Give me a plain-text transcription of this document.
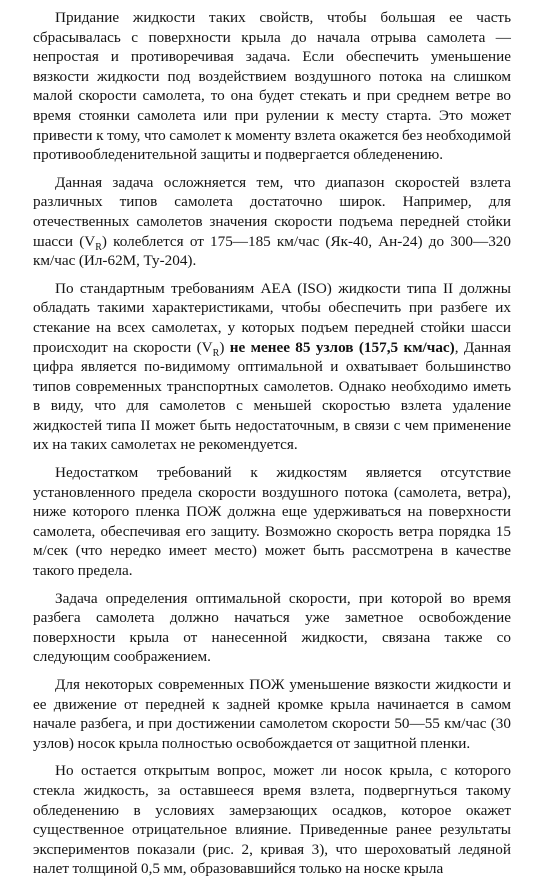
Придание жидкости таких свойств, чтобы большая ее часть сбрасывалась с поверхности крыла до начала отрыва самолета — непростая и противоречивая задача. Если обеспечить уменьшение вязкости жидкости под воздействием воздушного потока на слишком малой скорости самолета, то она будет стекать и при среднем ветре во время стоянки самолета или при рулении к месту старта. Это может привести к тому, что самолет к моменту взлета окажется без необходимой противообледенительной защиты и подвергается обледенению.

Данная задача осложняется тем, что диапазон скоростей взлета различных типов самолета достаточно широк. Например, для отечественных самолетов значения скорости подъема передней стойки шасси $(V_R)$ колеблется от 175—185 км/час (Як-40, Ан-24) до 300—320 км/час (Ил-62М, Ту-204).

По стандартным требованиям AEA (ISO) жидкости типа II должны обладать такими характеристиками, чтобы обеспечить при разбеге их стекание на всех самолетах, у которых подъем передней стойки шасси происходит на скорости $(V_R)$ не менее 85 узлов (157,5 км/час), Данная цифра является по-видимому оптимальной и охватывает большинство типов современных транспортных самолетов. Однако необходимо иметь в виду, что для самолетов с меньшей скоростью взлета удаление жидкостей типа II может быть недостаточным, в связи с чем применение их на таких самолетах не рекомендуется.

Недостатком требований к жидкостям является отсутствие установленного предела скорости воздушного потока (самолета, ветра), ниже которого пленка ПОЖ должна еще удерживаться на поверхности самолета, обеспечивая его защиту. Возможно скорость ветра порядка 15 м/сек (что нередко имеет место) может быть рассмотрена в качестве такого предела.

Задача определения оптимальной скорости, при которой во время разбега самолета должно начаться уже заметное освобождение поверхности крыла от нанесенной жидкости, связана также со следующим соображением.

Для некоторых современных ПОЖ уменьшение вязкости жидкости и ее движение от передней к задней кромке крыла начинается в самом начале разбега, и при достижении самолетом скорости 50—55 км/час (30 узлов) носок крыла полностью освобождается от защитной пленки.

Но остается открытым вопрос, может ли носок крыла, с которого стекла жидкость, за оставшееся время взлета, подвергнуться такому обледенению в условиях замерзающих осадков, которое окажет существенное отрицательное влияние. Приведенные ранее результаты экспериментов показали (рис. 2, кривая 3), что шероховатый ледяной налет толщиной 0,5 мм, образовавшийся только на носке крыла
